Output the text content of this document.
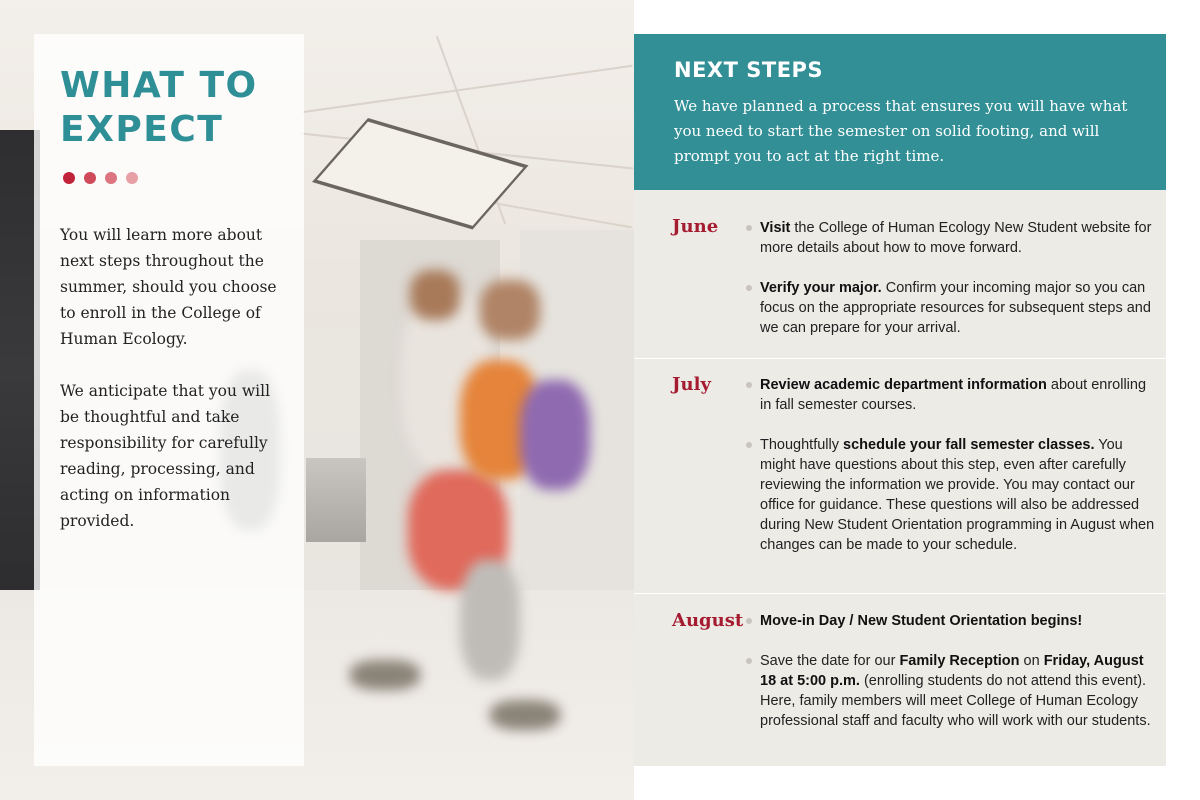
WHAT TO EXPECT

You will learn more about next steps throughout the summer, should you choose to enroll in the College of Human Ecology.

We anticipate that you will be thoughtful and take responsibility for carefully reading, processing, and acting on information provided.

NEXT STEPS

We have planned a process that ensures you will have what you need to start the semester on solid footing, and will prompt you to act at the right time.

June	Visit the College of Human Ecology New Student website for more details about how to move forward.
Verify your major. Confirm your incoming major so you can focus on the appropriate resources for subsequent steps and we can prepare for your arrival.
July	Review academic department information about enrolling in fall semester courses.
Thoughtfully schedule your fall semester classes. You might have questions about this step, even after carefully reviewing the information we provide. You may contact our office for guidance. These questions will also be addressed during New Student Orientation programming in August when changes can be made to your schedule.
August	Move-in Day / New Student Orientation begins!
Save the date for our Family Reception on Friday, August 18 at 5:00 p.m. (enrolling students do not attend this event). Here, family members will meet College of Human Ecology professional staff and faculty who will work with our students.
